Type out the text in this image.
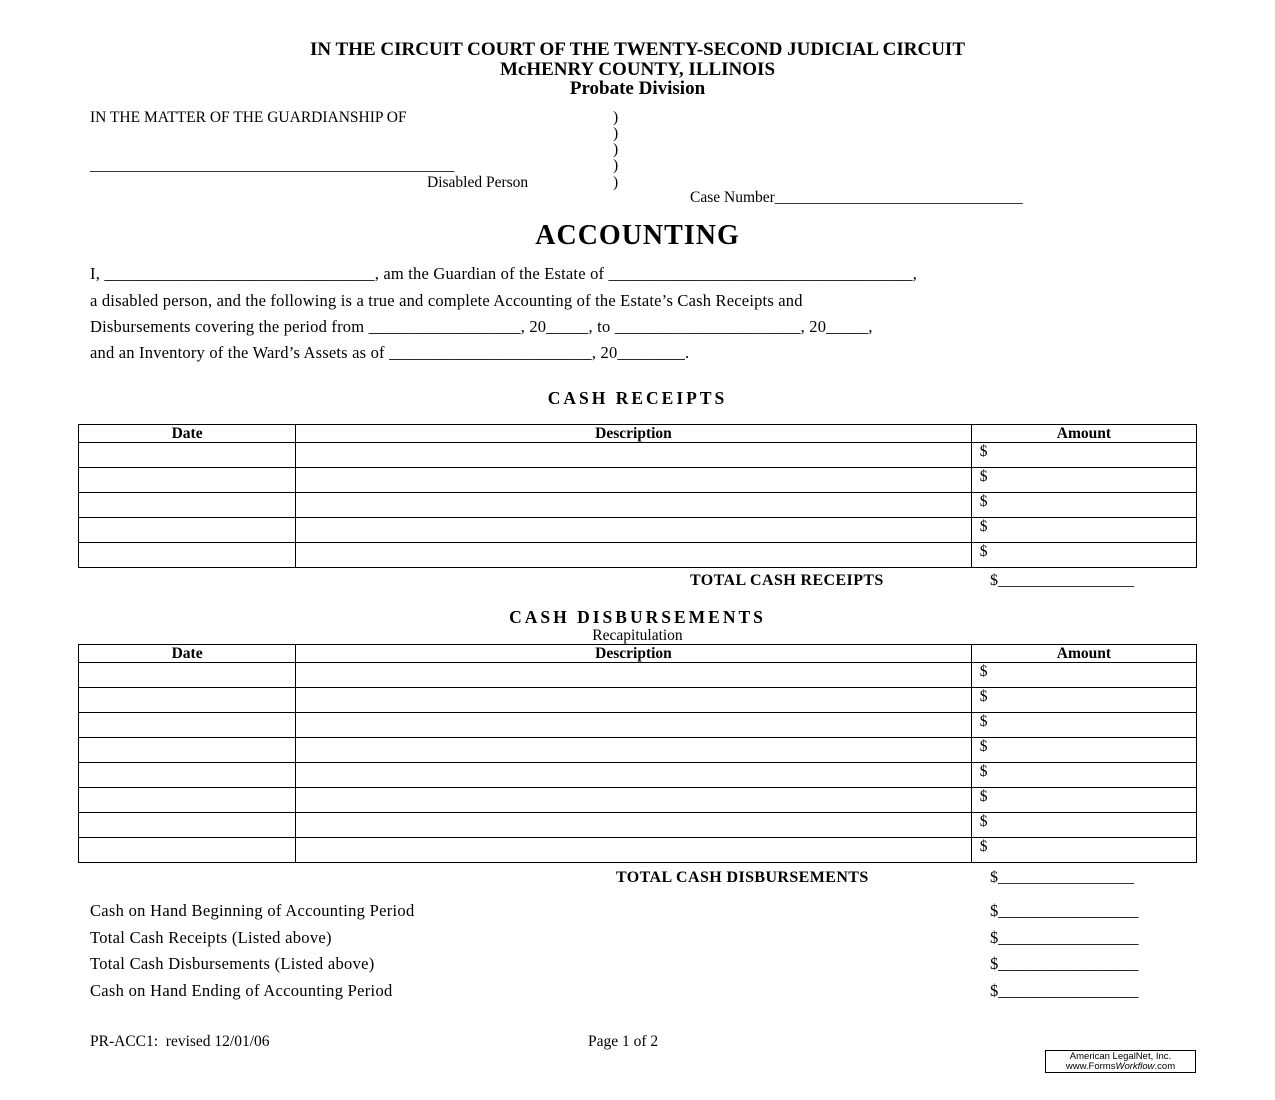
IN THE CIRCUIT COURT OF THE TWENTY-SECOND JUDICIAL CIRCUIT
McHENRY COUNTY, ILLINOIS
Probate Division
IN THE MATTER OF THE GUARDIANSHIP OF	)
)
)
)
)
_______________________________________________
Disabled Person
Case Number________________________________
ACCOUNTING
I, ________________________________, am the Guardian of the Estate of ____________________________________,
a disabled person, and the following is a true and complete Accounting of the Estate’s Cash Receipts and
Disbursements covering the period from __________________, 20_____, to ______________________, 20_____,
and an Inventory of the Ward’s Assets as of ________________________, 20________.
CASH RECEIPTS
Date	Description	Amount
		$
		$
		$
		$
		$
TOTAL CASH RECEIPTS	$_________________
CASH DISBURSEMENTS
Recapitulation
Date	Description	Amount
		$
		$
		$
		$
		$
		$
		$
		$
TOTAL CASH DISBURSEMENTS	$_________________
Cash on Hand Beginning of Accounting Period	$_________________
Total Cash Receipts (Listed above)	$_________________
Total Cash Disbursements (Listed above)	$_________________
Cash on Hand Ending of Accounting Period	$_________________
PR-ACC1:  revised 12/01/06	Page 1 of 2
American LegalNet, Inc.
www.FormsWorkflow.com
